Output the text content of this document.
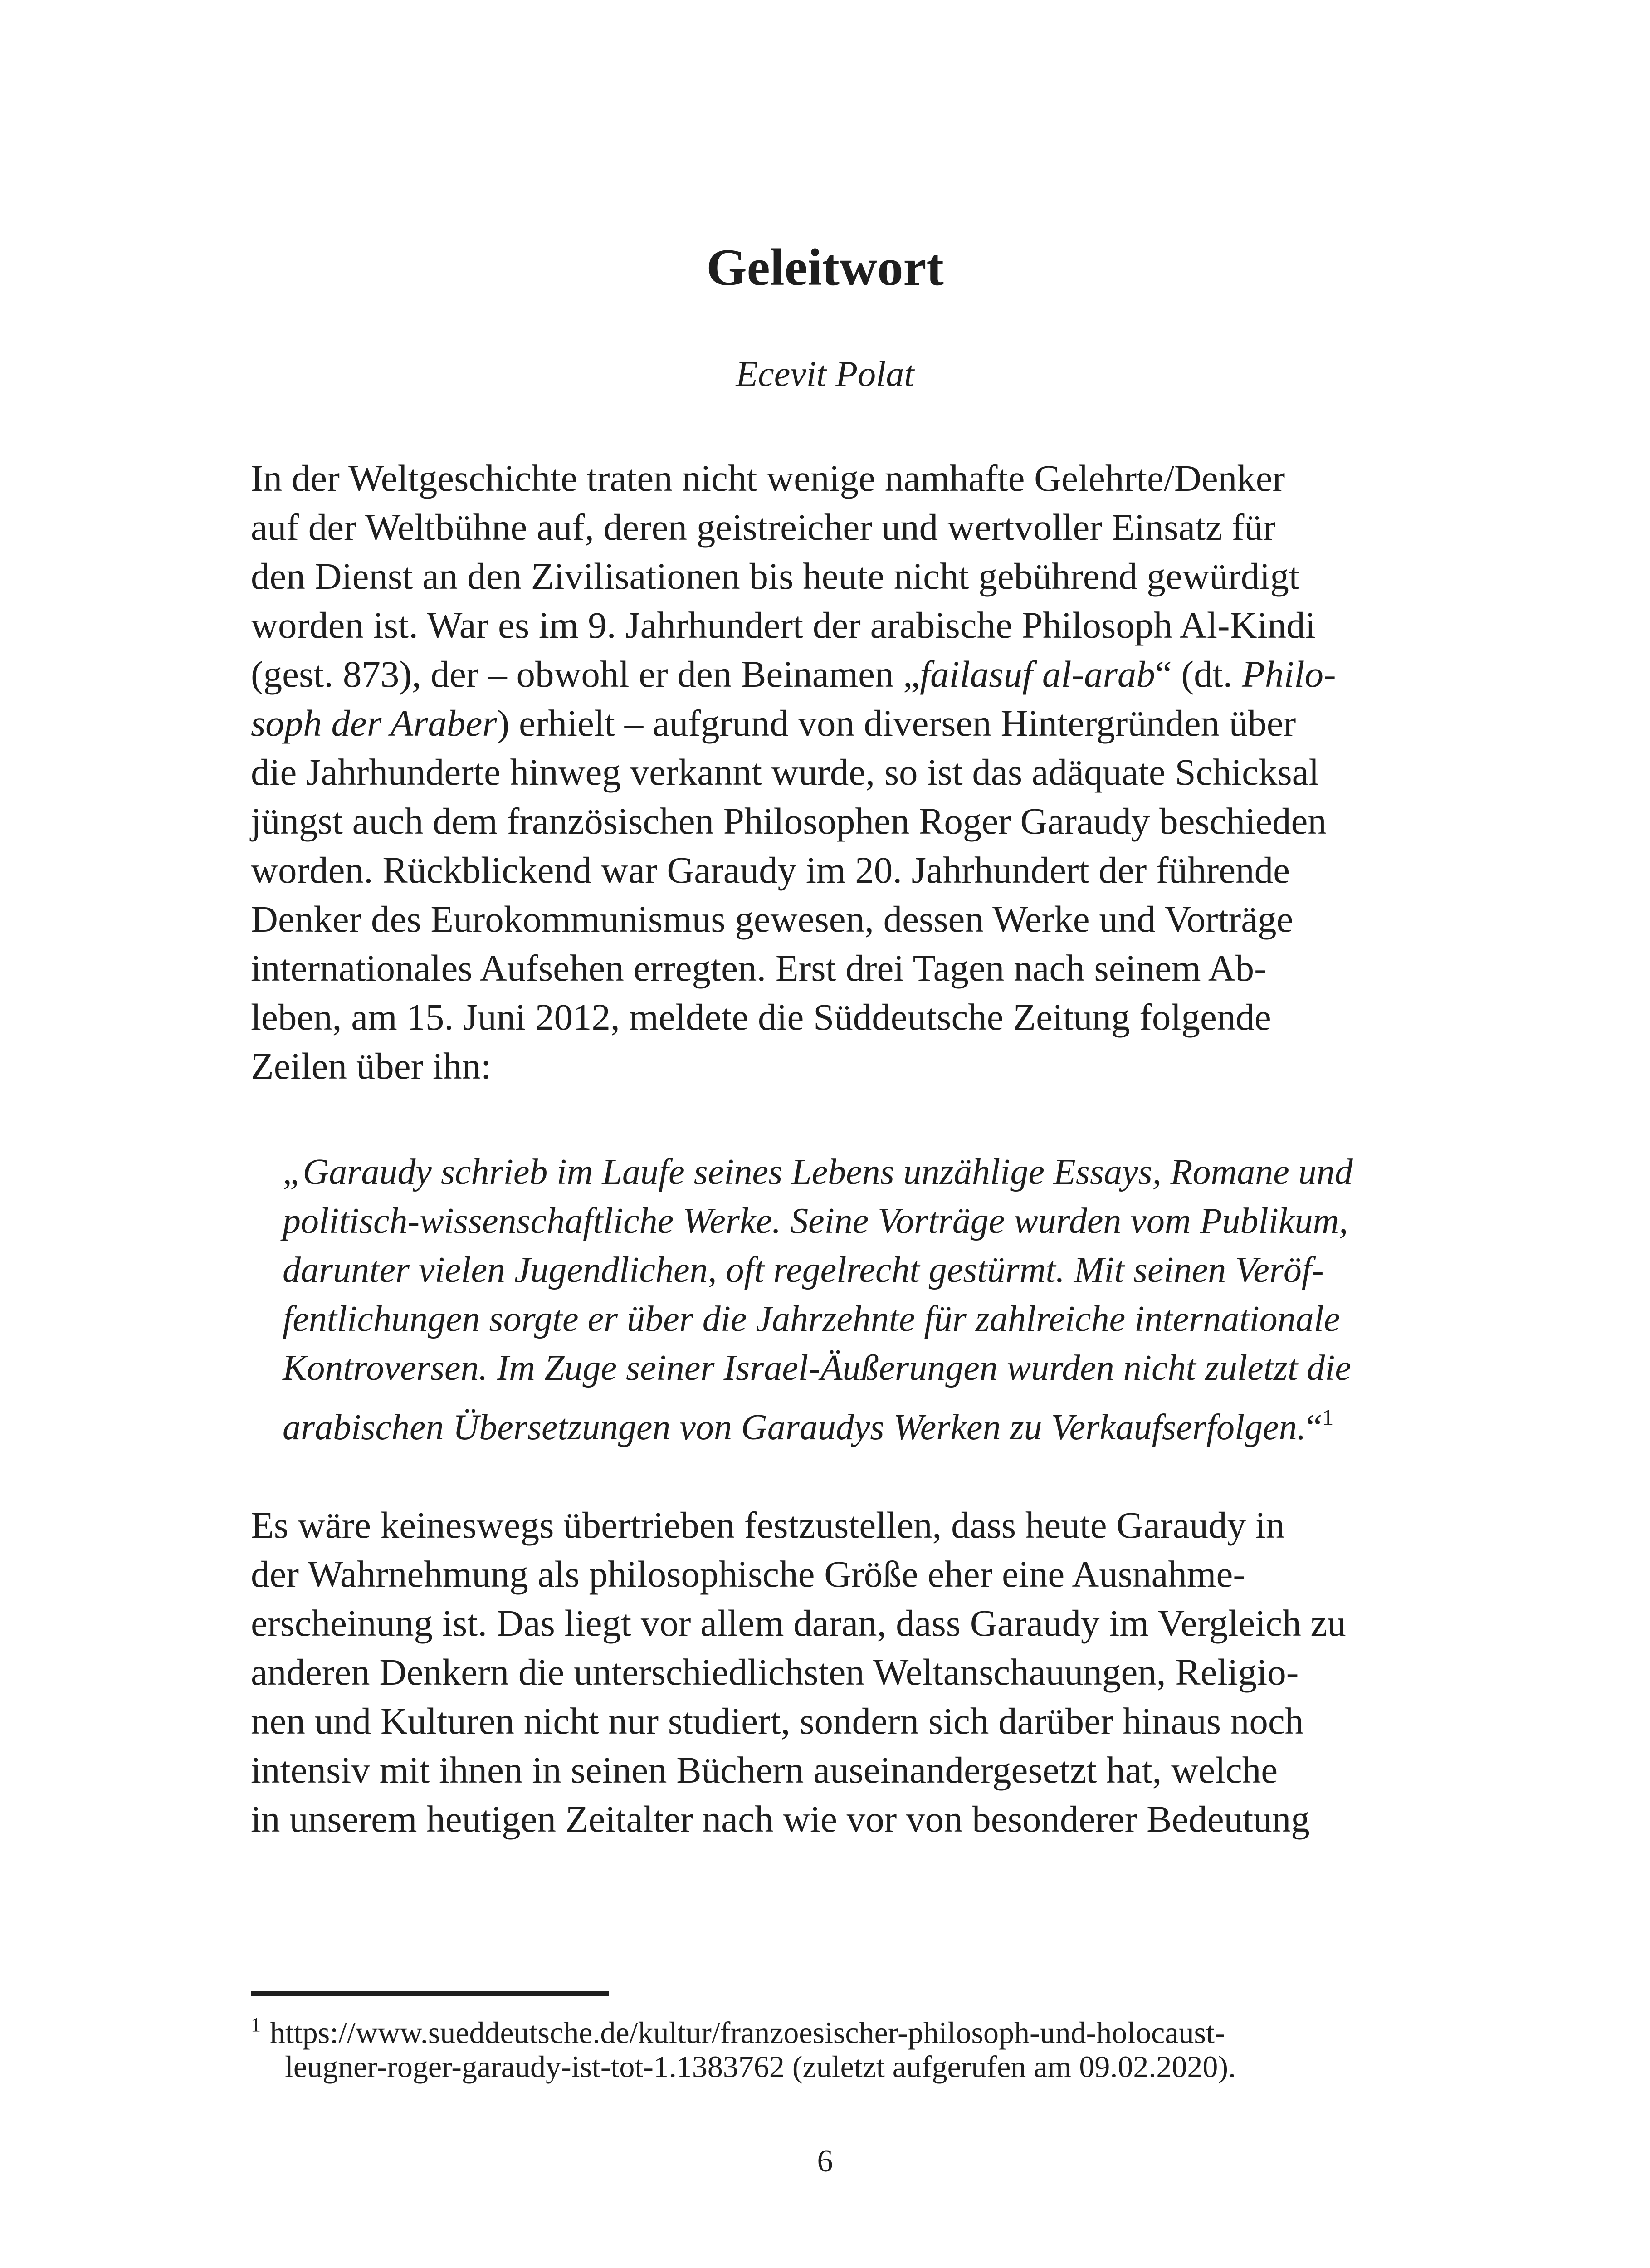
Geleitwort

Ecevit Polat

In der Weltgeschichte traten nicht wenige namhafte Gelehrte/Denker
auf der Weltbühne auf, deren geistreicher und wertvoller Einsatz für
den Dienst an den Zivilisationen bis heute nicht gebührend gewürdigt
worden ist. War es im 9. Jahrhundert der arabische Philosoph Al-Kindi
(gest. 873), der – obwohl er den Beinamen „failasuf al-arab“ (dt. Philo-
soph der Araber) erhielt – aufgrund von diversen Hintergründen über
die Jahrhunderte hinweg verkannt wurde, so ist das adäquate Schicksal
jüngst auch dem französischen Philosophen Roger Garaudy beschieden
worden. Rückblickend war Garaudy im 20. Jahrhundert der führende
Denker des Eurokommunismus gewesen, dessen Werke und Vorträge
internationales Aufsehen erregten. Erst drei Tagen nach seinem Ab-
leben, am 15. Juni 2012, meldete die Süddeutsche Zeitung folgende
Zeilen über ihn:
„Garaudy schrieb im Laufe seines Lebens unzählige Essays, Romane und
politisch-wissenschaftliche Werke. Seine Vorträge wurden vom Publikum,
darunter vielen Jugendlichen, oft regelrecht gestürmt. Mit seinen Veröf-
fentlichungen sorgte er über die Jahrzehnte für zahlreiche internationale
Kontroversen. Im Zuge seiner Israel-Äußerungen wurden nicht zuletzt die
arabischen Übersetzungen von Garaudys Werken zu Verkaufserfolgen.“$^1$
Es wäre keineswegs übertrieben festzustellen, dass heute Garaudy in
der Wahrnehmung als philosophische Größe eher eine Ausnahme-
erscheinung ist. Das liegt vor allem daran, dass Garaudy im Vergleich zu
anderen Denkern die unterschiedlichsten Weltanschauungen, Religio-
nen und Kulturen nicht nur studiert, sondern sich darüber hinaus noch
intensiv mit ihnen in seinen Büchern auseinandergesetzt hat, welche
in unserem heutigen Zeitalter nach wie vor von besonderer Bedeutung
$^1$ https://www.sueddeutsche.de/kultur/franzoesischer-philosoph-und-holocaust-
leugner-roger-garaudy-ist-tot-1.1383762 (zuletzt aufgerufen am 09.02.2020).

6
